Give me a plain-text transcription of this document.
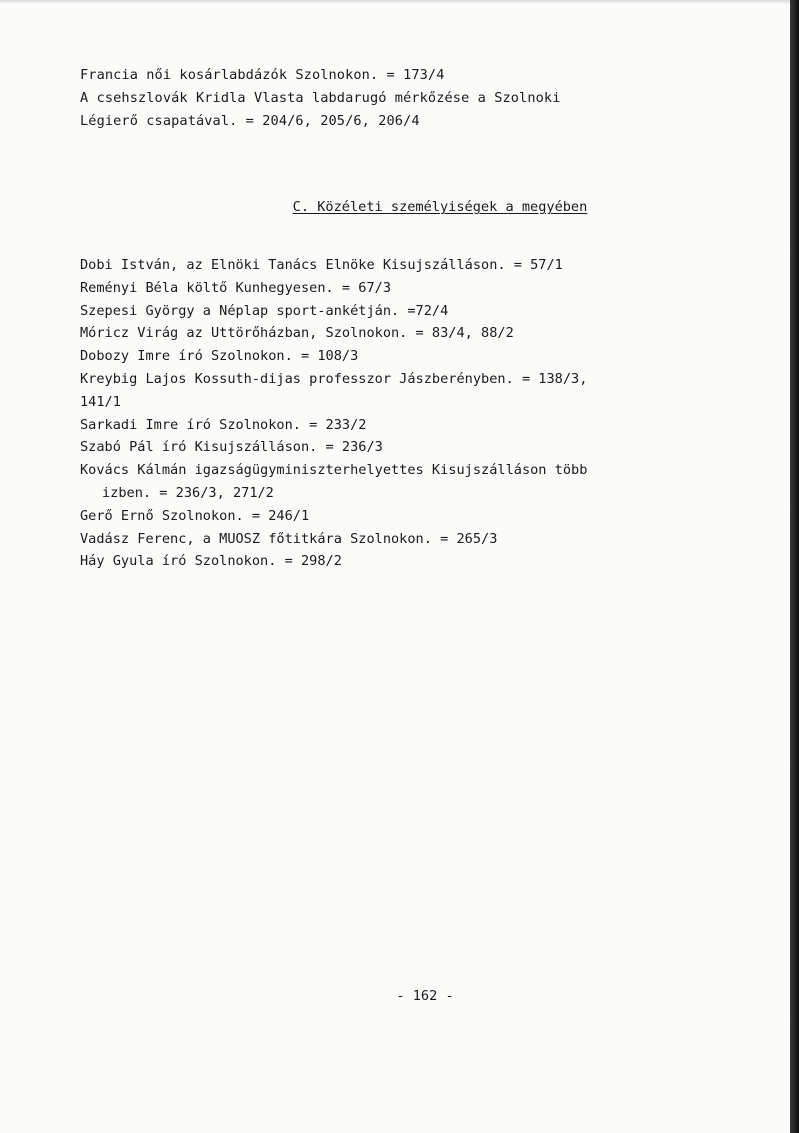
Francia női kosárlabdázók Szolnokon. = 173/4
A csehszlovák Kridla Vlasta labdarugó mérkőzése a Szolnoki
Légierő csapatával. = 204/6, 205/6, 206/4
C. Közéleti személyiségek a megyében
Dobi István, az Elnöki Tanács Elnöke Kisujszálláson. = 57/1
Reményi Béla költő Kunhegyesen. = 67/3
Szepesi György a Néplap sport-ankétján. =72/4
Móricz Virág az Uttörőházban, Szolnokon. = 83/4, 88/2
Dobozy Imre író Szolnokon. = 108/3
Kreybig Lajos Kossuth-dijas professzor Jászberényben. = 138/3,
141/1
Sarkadi Imre író Szolnokon. = 233/2
Szabó Pál író Kisujszálláson. = 236/3
Kovács Kálmán igazságügyminiszterhelyettes Kisujszálláson több
izben. = 236/3, 271/2
Gerő Ernő Szolnokon. = 246/1
Vadász Ferenc, a MUOSZ főtitkára Szolnokon. = 265/3
Háy Gyula író Szolnokon. = 298/2
- 162 -
